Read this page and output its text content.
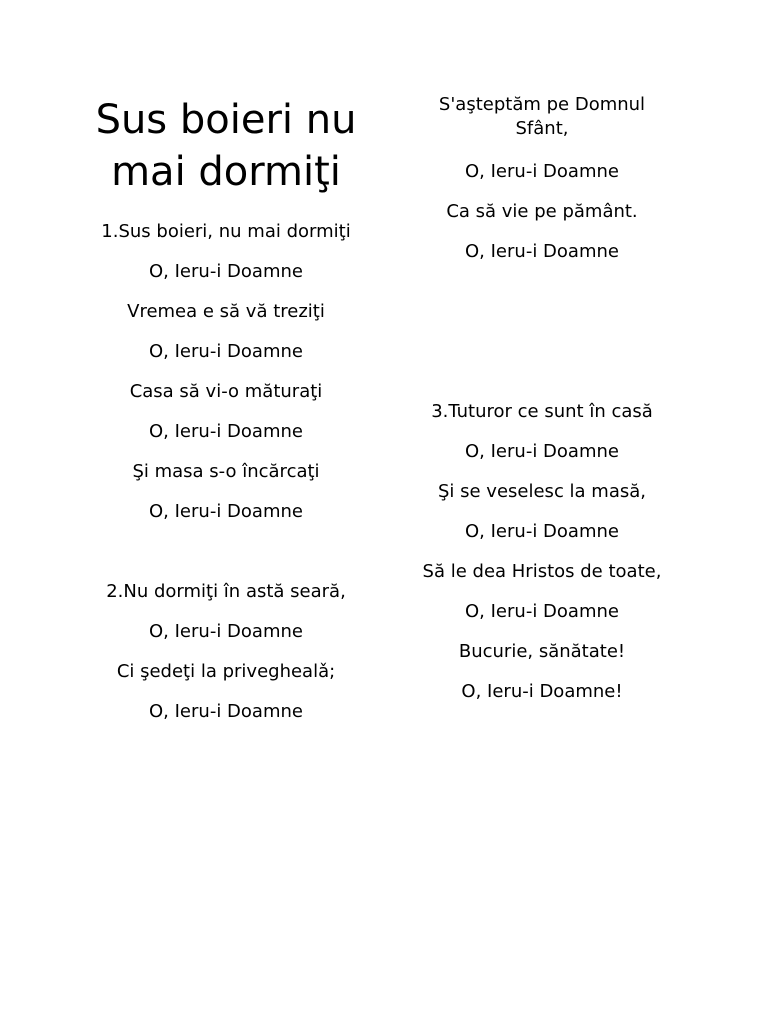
Sus boieri nu mai dormiţi
1.Sus boieri, nu mai dormiţi
O, Ieru-i Doamne
Vremea e să vă treziţi
O, Ieru-i Doamne
Casa să vi-o măturaţi
O, Ieru-i Doamne
Şi masa s-o încărcaţi
O, Ieru-i Doamne
2.Nu dormiţi în astă seară,
O, Ieru-i Doamne
Ci şedeţi la priveghealǎ;
O, Ieru-i Doamne
S'aşteptăm pe Domnul Sfânt,
O, Ieru-i Doamne
Ca să vie pe pământ.
O, Ieru-i Doamne
3.Tuturor ce sunt în casă
O, Ieru-i Doamne
Şi se veselesc la masă,
O, Ieru-i Doamne
Să le dea Hristos de toate,
O, Ieru-i Doamne
Bucurie, sănătate!
O, Ieru-i Doamne!
